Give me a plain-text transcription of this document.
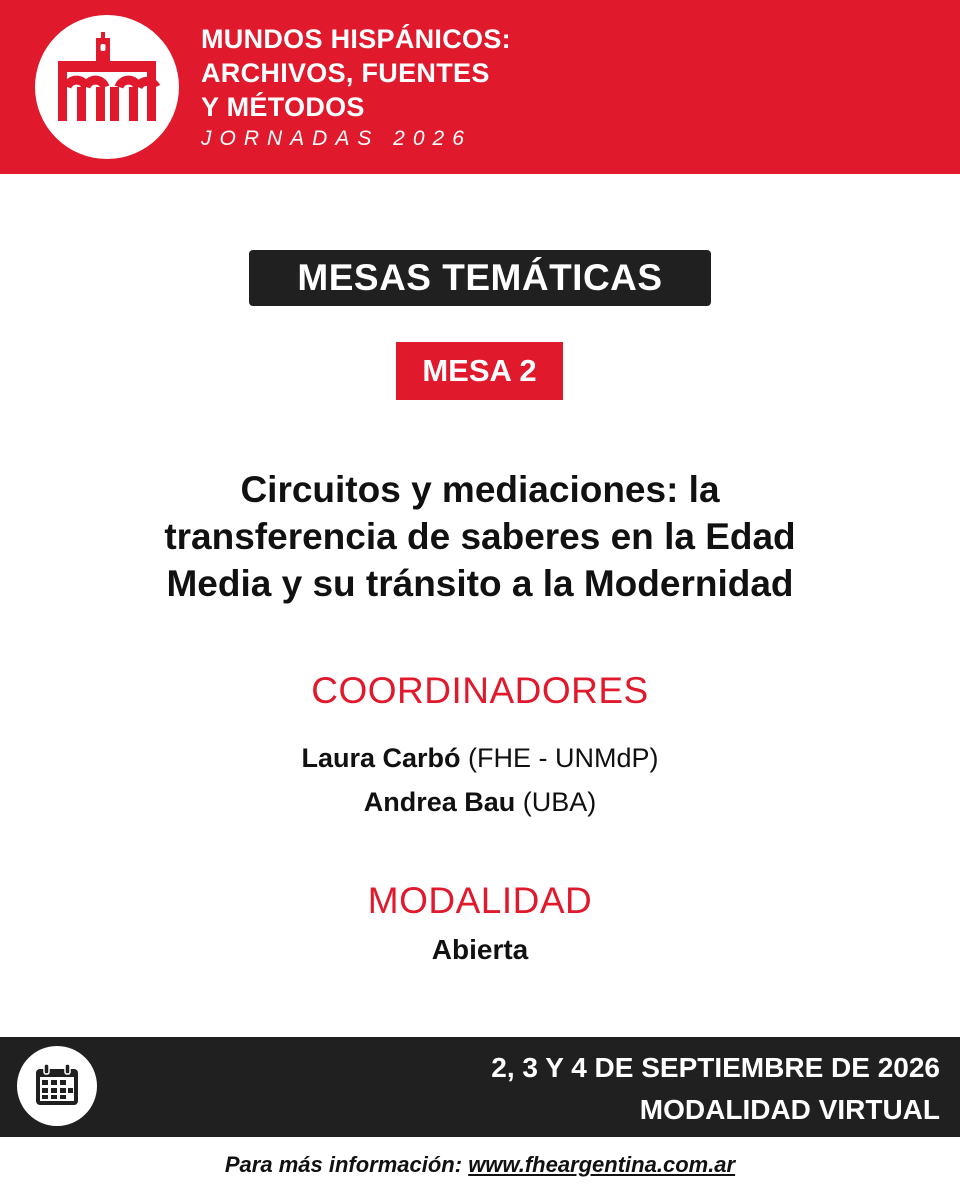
MUNDOS HISPÁNICOS:
ARCHIVOS, FUENTES
Y MÉTODOS
JORNADAS 2026
MESAS TEMÁTICAS
MESA 2
Circuitos y mediaciones: la
transferencia de saberes en la Edad
Media y su tránsito a la Modernidad
COORDINADORES
Laura Carbó (FHE - UNMdP)
Andrea Bau (UBA)
MODALIDAD
Abierta
2, 3 Y 4 DE SEPTIEMBRE DE 2026
MODALIDAD VIRTUAL
Para más información: www.fheargentina.com.ar
